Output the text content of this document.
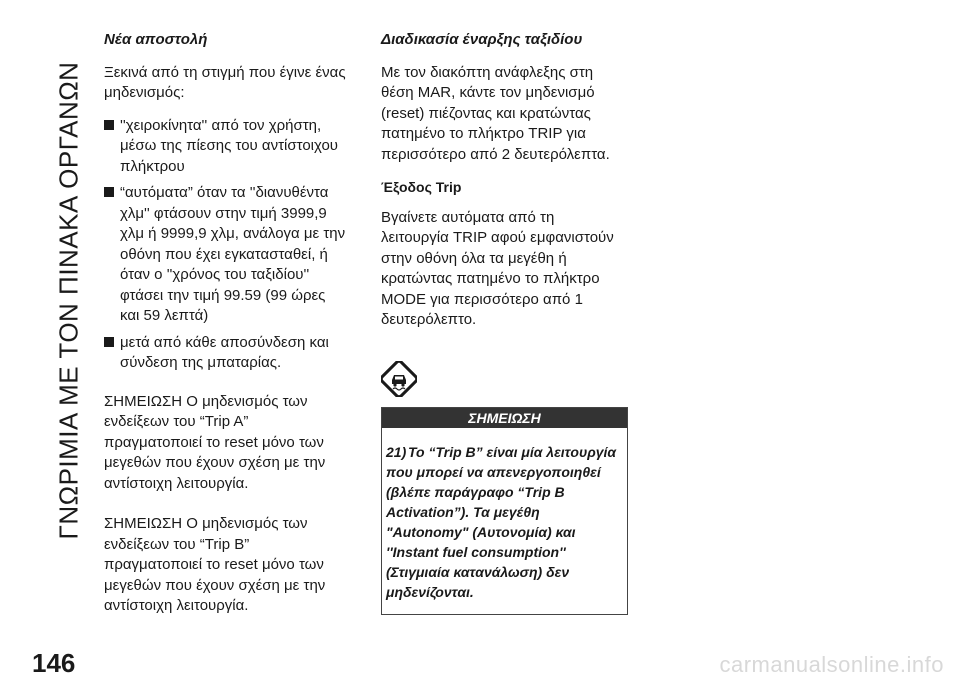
ΓΝΩΡΙΜΙΑ ΜΕ ΤΟΝ ΠΙΝΑΚΑ ΟΡΓΑΝΩΝ
Νέα αποστολή
Ξεκινά από τη στιγμή που έγινε ένας μηδενισμός:
''χειροκίνητα'' από τον χρήστη, μέσω της πίεσης του αντίστοιχου πλήκτρου
“αυτόματα” όταν τα ''διανυθέντα χλμ'' φτάσουν στην τιμή 3999,9 χλμ ή 9999,9 χλμ, ανάλογα με την οθόνη που έχει εγκατασταθεί, ή όταν ο ''χρόνος του ταξιδίου'' φτάσει την τιμή 99.59 (99 ώρες και 59 λεπτά)
μετά από κάθε αποσύνδεση και σύνδεση της μπαταρίας.
ΣΗΜΕΙΩΣΗ Ο μηδενισμός των ενδείξεων του “Trip A” πραγματοποιεί το reset μόνο των μεγεθών που έχουν σχέση με την αντίστοιχη λειτουργία.
ΣΗΜΕΙΩΣΗ Ο μηδενισμός των ενδείξεων του “Trip B” πραγματοποιεί το reset μόνο των μεγεθών που έχουν σχέση με την αντίστοιχη λειτουργία.
Διαδικασία έναρξης ταξιδίου
Με τον διακόπτη ανάφλεξης στη θέση MAR, κάντε τον μηδενισμό (reset) πιέζοντας και κρατώντας πατημένο το πλήκτρο TRIP για περισσότερο από 2 δευτερόλεπτα.
Έξοδος Trip
Βγαίνετε αυτόματα από τη λειτουργία TRIP αφού εμφανιστούν στην οθόνη όλα τα μεγέθη ή κρατώντας πατημένο το πλήκτρο MODE για περισσότερο από 1 δευτερόλεπτο.
ΣΗΜΕΙΩΣΗ
21) Το “Trip B” είναι μία λειτουργία που μπορεί να απενεργοποιηθεί (βλέπε παράγραφο “Trip B Activation”). Τα μεγέθη "Autonomy" (Αυτονομία) και ''Instant fuel consumption'' (Στιγμιαία κατανάλωση) δεν μηδενίζονται.
146	carmanualsonline.info
